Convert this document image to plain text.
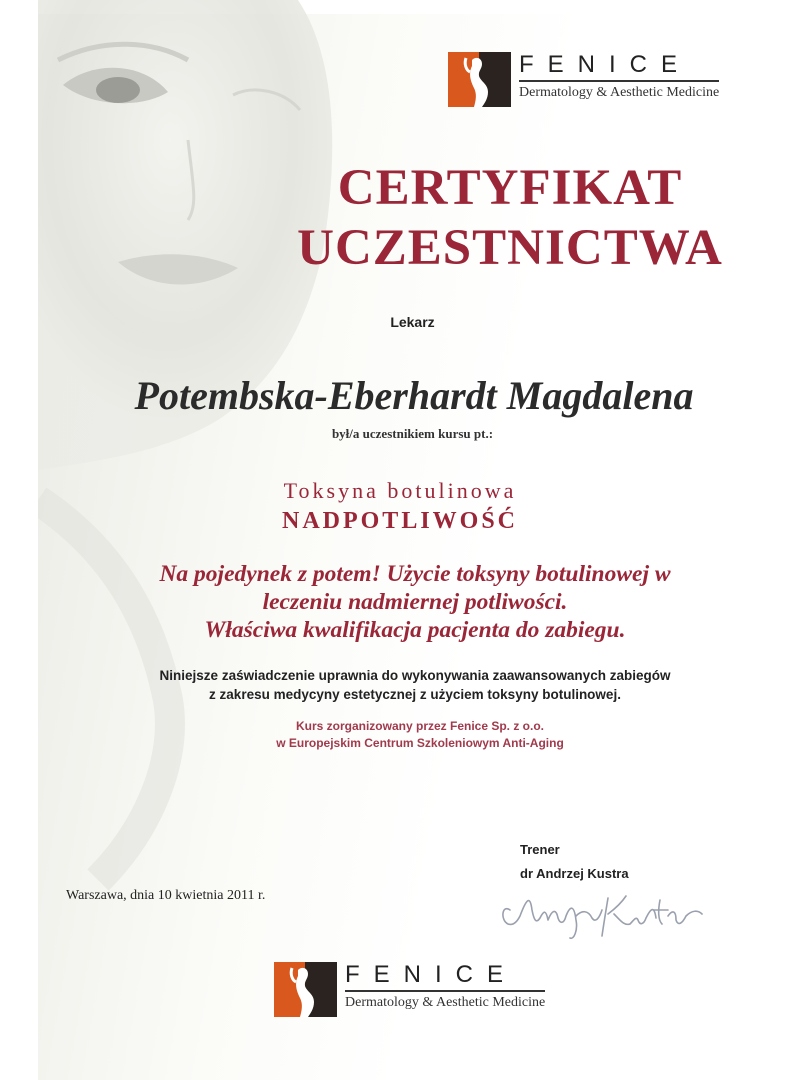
FENICE
Dermatology & Aesthetic Medicine
CERTYFIKAT
UCZESTNICTWA
Lekarz
Potembska-Eberhardt Magdalena
był/a uczestnikiem kursu pt.:
Toksyna botulinowa
NADPOTLIWOŚĆ
Na pojedynek z potem! Użycie toksyny botulinowej w
leczeniu nadmiernej potliwości.
Właściwa kwalifikacja pacjenta do zabiegu.
Niniejsze zaświadczenie uprawnia do wykonywania zaawansowanych zabiegów
z zakresu medycyny estetycznej z użyciem toksyny botulinowej.
Kurs zorganizowany przez Fenice Sp. z o.o.
w Europejskim Centrum Szkoleniowym Anti-Aging
Trener
dr Andrzej Kustra
Warszawa, dnia 10 kwietnia 2011 r.
FENICE
Dermatology & Aesthetic Medicine
